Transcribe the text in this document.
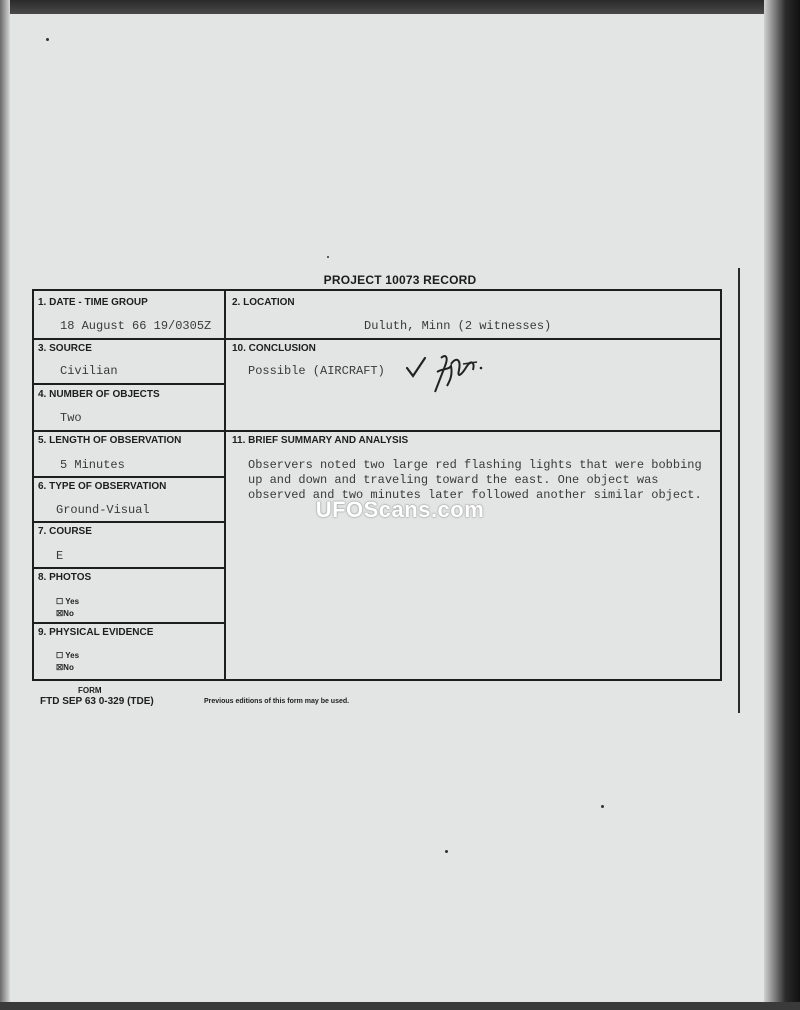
PROJECT 10073 RECORD
1. DATE - TIME GROUP
18 August 66 19/0305Z
2. LOCATION
Duluth, Minn (2 witnesses)
3. SOURCE
Civilian
10. CONCLUSION
Possible (AIRCRAFT)
4. NUMBER OF OBJECTS
Two
5. LENGTH OF OBSERVATION
5 Minutes
11. BRIEF SUMMARY AND ANALYSIS
Observers noted two large red flashing lights that were bobbing
up and down and traveling toward the east. One object was
observed and two minutes later followed another similar object.
6. TYPE OF OBSERVATION
Ground-Visual
7. COURSE
E
8. PHOTOS
☐ Yes
☒No
9. PHYSICAL EVIDENCE
☐ Yes
☒No
UFOScans.com
FORM
FTD SEP 63 0-329 (TDE)	Previous editions of this form may be used.
